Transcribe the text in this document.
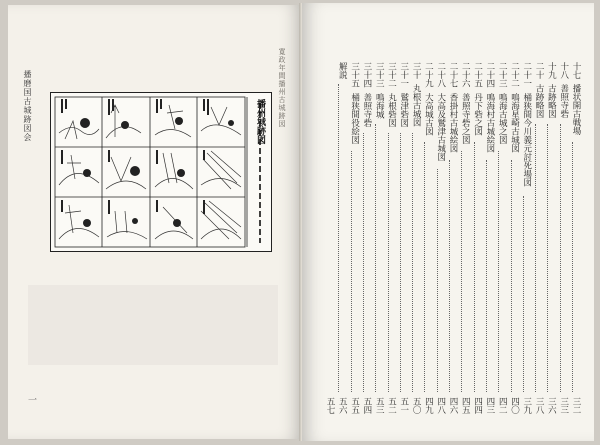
播磨国古城跡図会	寛政年間播州古城跡図
一
播州城跡図
十七
播状開古戦場
三二
十八
善照寺砦
三三
十九
古跡略図
三六
二十
古跡略図
三八
二十一
桶狭間今川義元討死場図
三九
二十二
鳴海星崎古城図
四〇
二十三
鳴海古城之図
四二
二十四
鳴海村古城絵図
四三
二十五
丹下砦之図
四四
二十六
善照寺砦之図
四五
二十七
香掛村古城絵図
四六
二十八
大高及鷲津古城図
四八
二十九
大高城古図
四九
三十
丸根古城図
五〇
三十一
鷲津砦図
五一
三十二
丸根砦図
五二
三十三
鳴海城
五三
三十四
善照寺砦
五四
三十五
桶狭間役絵図
五五
解説
五六
五七
